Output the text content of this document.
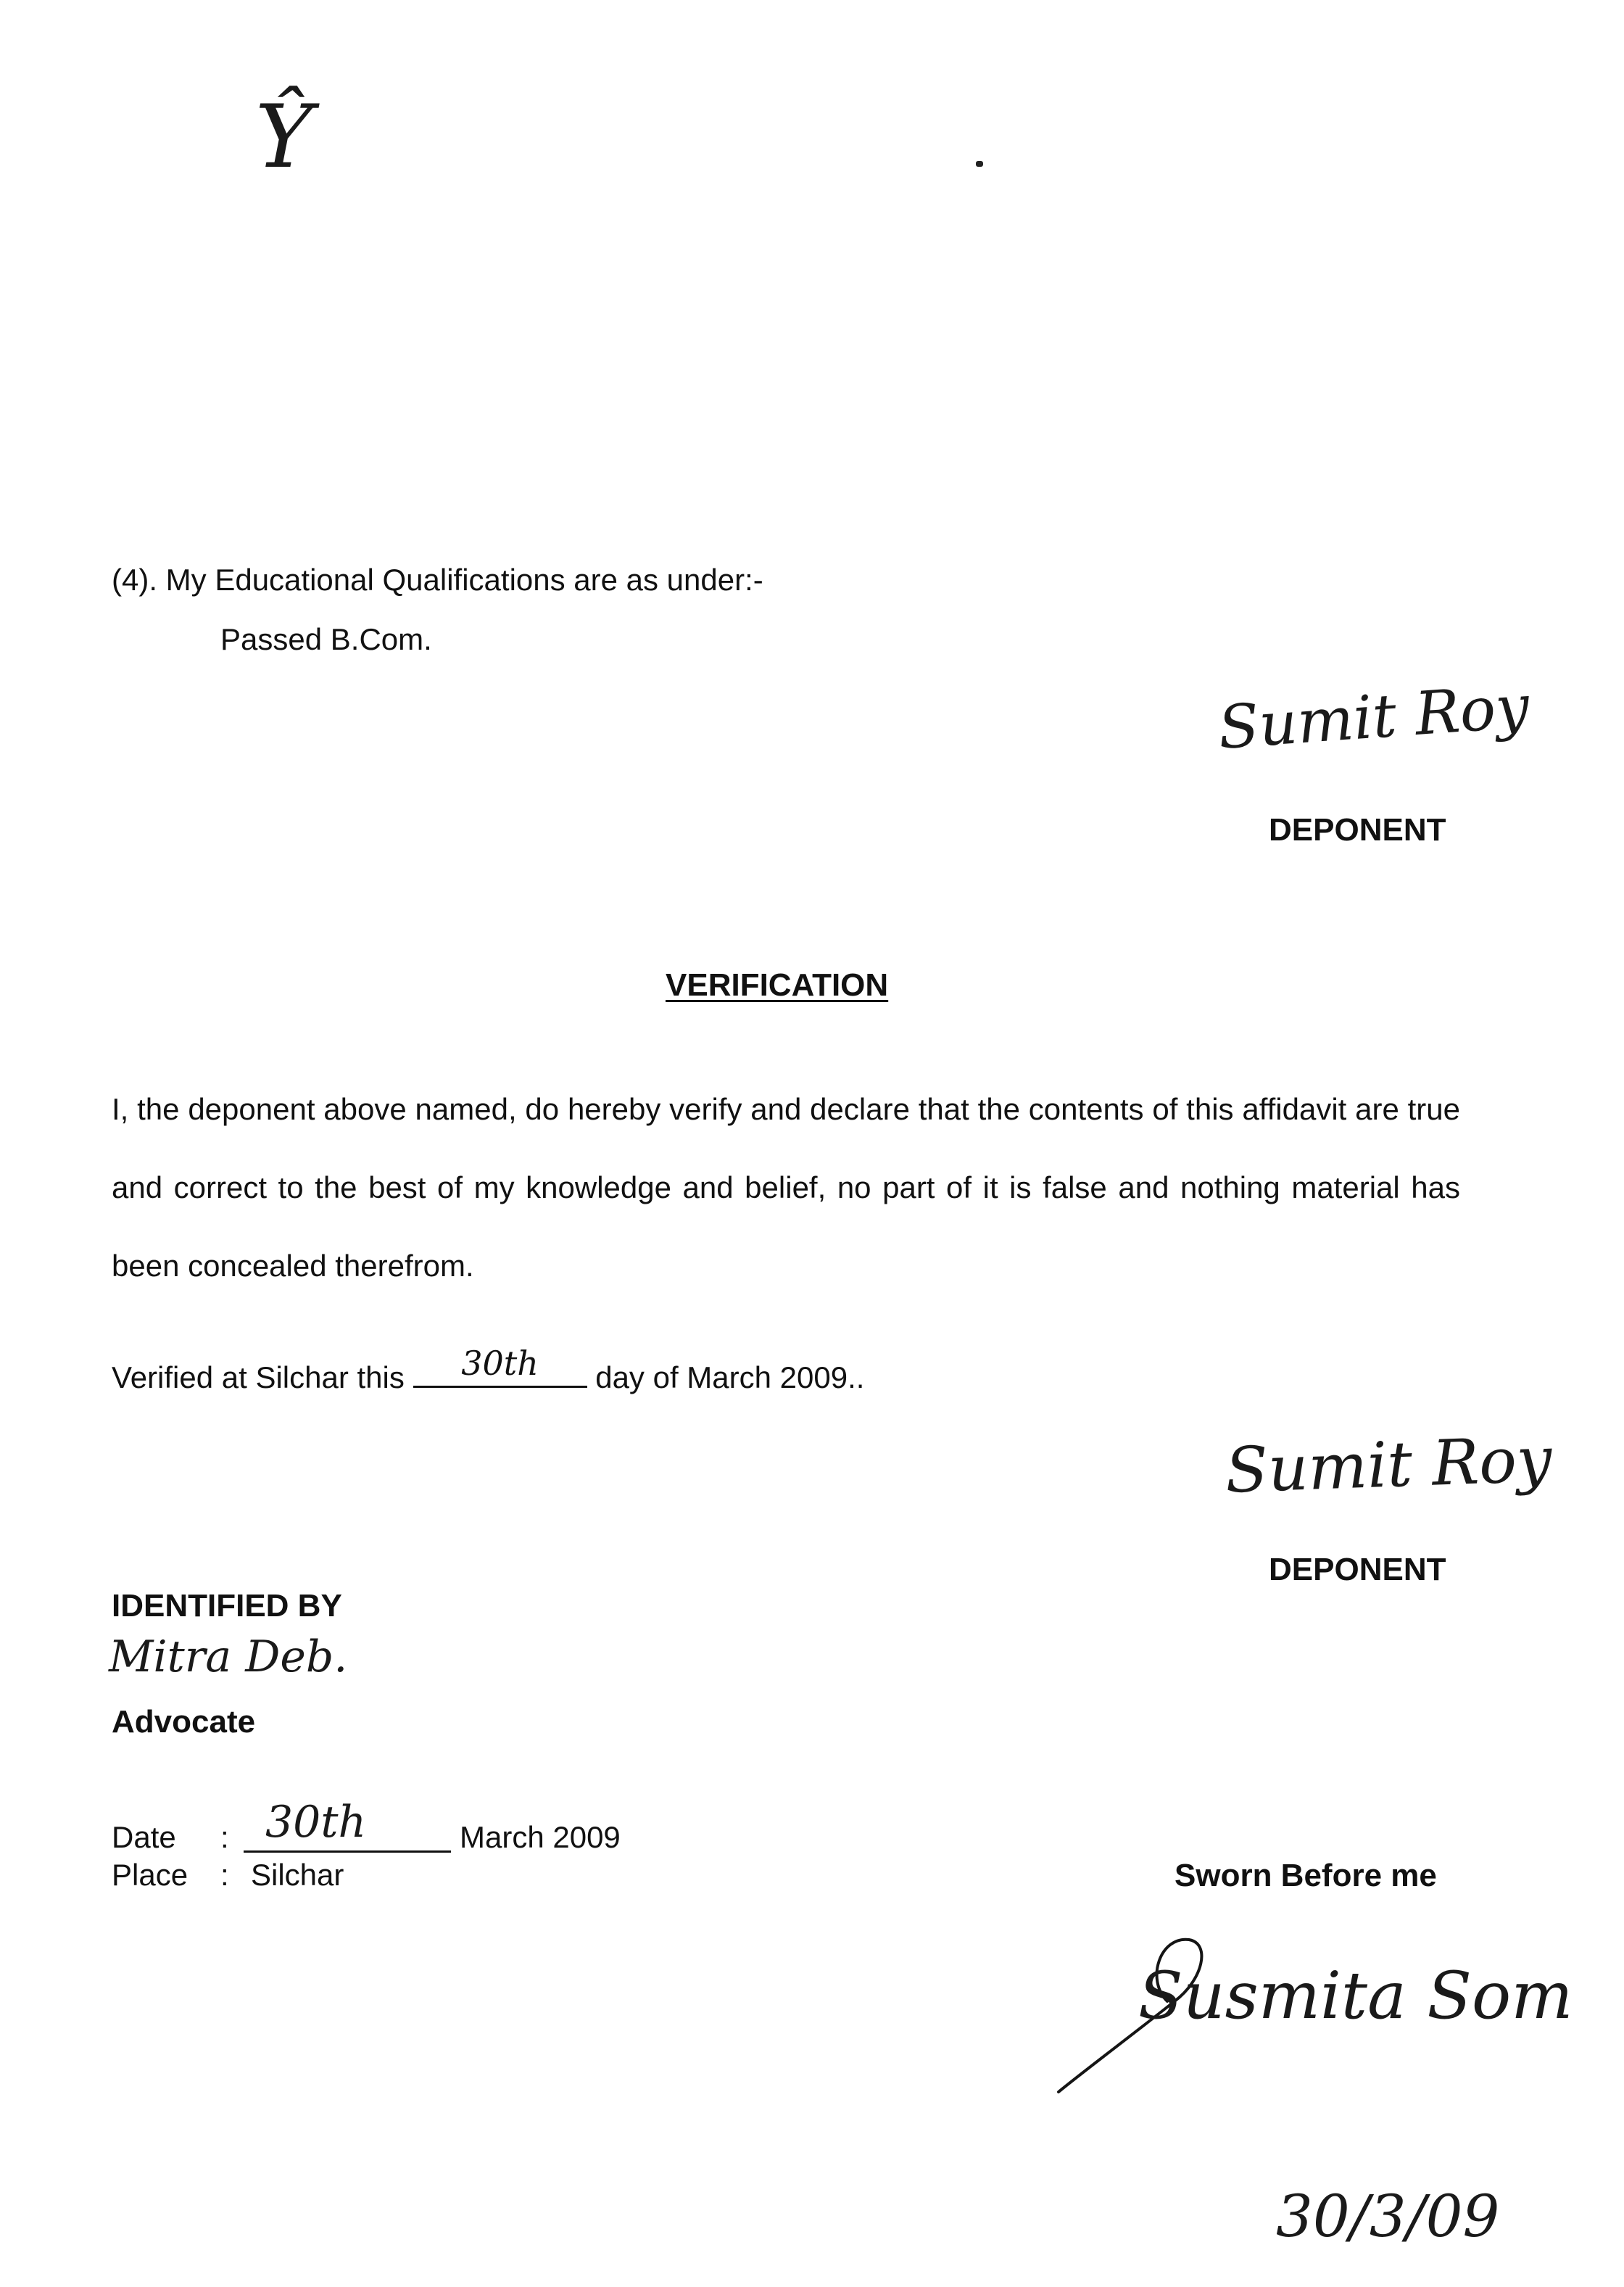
Ŷ
(4). My Educational Qualifications are as under:-
Passed B.Com.
Sumit Roy
DEPONENT
VERIFICATION
I, the deponent above named, do hereby verify and declare that the contents of this affidavit are true and correct to the best of my knowledge and belief, no part of it is false and nothing material has been concealed therefrom.
Verified at Silchar this	30th	day of March 2009..
Sumit Roy
DEPONENT
IDENTIFIED BY
Mitra Deb.
Advocate
Date : 30th	March 2009
Place : Silchar	Sworn Before me
Susmita Som
30/3/09
